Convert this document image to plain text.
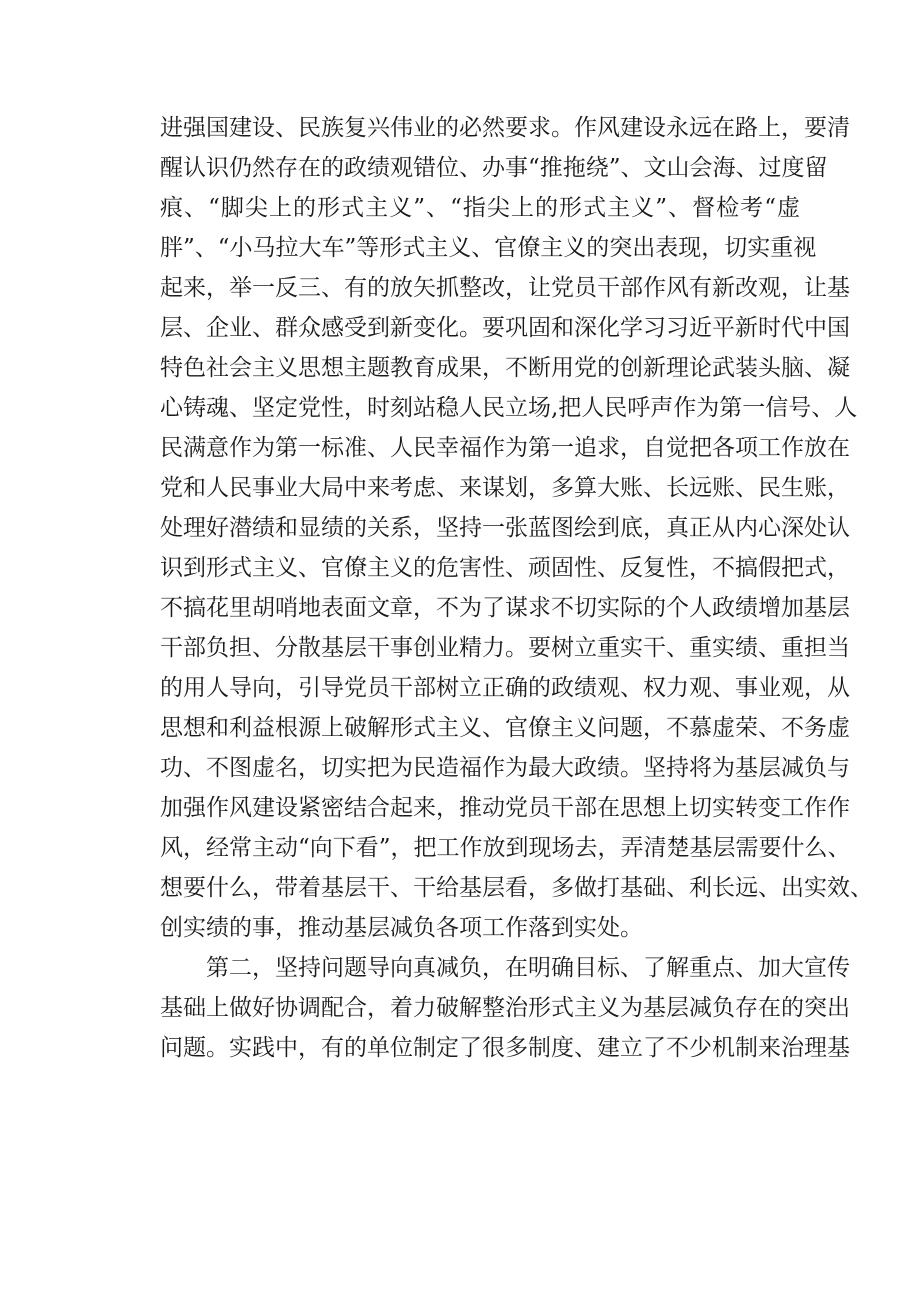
进强国建设、民族复兴伟业的必然要求。作风建设永远在路上，要清
醒认识仍然存在的政绩观错位、办事“推拖绕”、文山会海、过度留
痕、“脚尖上的形式主义”、“指尖上的形式主义”、督检考“虚
胖”、“小马拉大车”等形式主义、官僚主义的突出表现，切实重视
起来，举一反三、有的放矢抓整改，让党员干部作风有新改观，让基
层、企业、群众感受到新变化。要巩固和深化学习习近平新时代中国
特色社会主义思想主题教育成果，不断用党的创新理论武装头脑、凝
心铸魂、坚定党性，时刻站稳人民立场,把人民呼声作为第一信号、人
民满意作为第一标准、人民幸福作为第一追求，自觉把各项工作放在
党和人民事业大局中来考虑、来谋划，多算大账、长远账、民生账，
处理好潜绩和显绩的关系，坚持一张蓝图绘到底，真正从内心深处认
识到形式主义、官僚主义的危害性、顽固性、反复性，不搞假把式，
不搞花里胡哨地表面文章，不为了谋求不切实际的个人政绩增加基层
干部负担、分散基层干事创业精力。要树立重实干、重实绩、重担当
的用人导向，引导党员干部树立正确的政绩观、权力观、事业观，从
思想和利益根源上破解形式主义、官僚主义问题，不慕虚荣、不务虚
功、不图虚名，切实把为民造福作为最大政绩。坚持将为基层减负与
加强作风建设紧密结合起来，推动党员干部在思想上切实转变工作作
风，经常主动“向下看”，把工作放到现场去，弄清楚基层需要什么、
想要什么，带着基层干、干给基层看，多做打基础、利长远、出实效、
创实绩的事，推动基层减负各项工作落到实处。
第二，坚持问题导向真减负，在明确目标、了解重点、加大宣传
基础上做好协调配合，着力破解整治形式主义为基层减负存在的突出
问题。实践中，有的单位制定了很多制度、建立了不少机制来治理基
